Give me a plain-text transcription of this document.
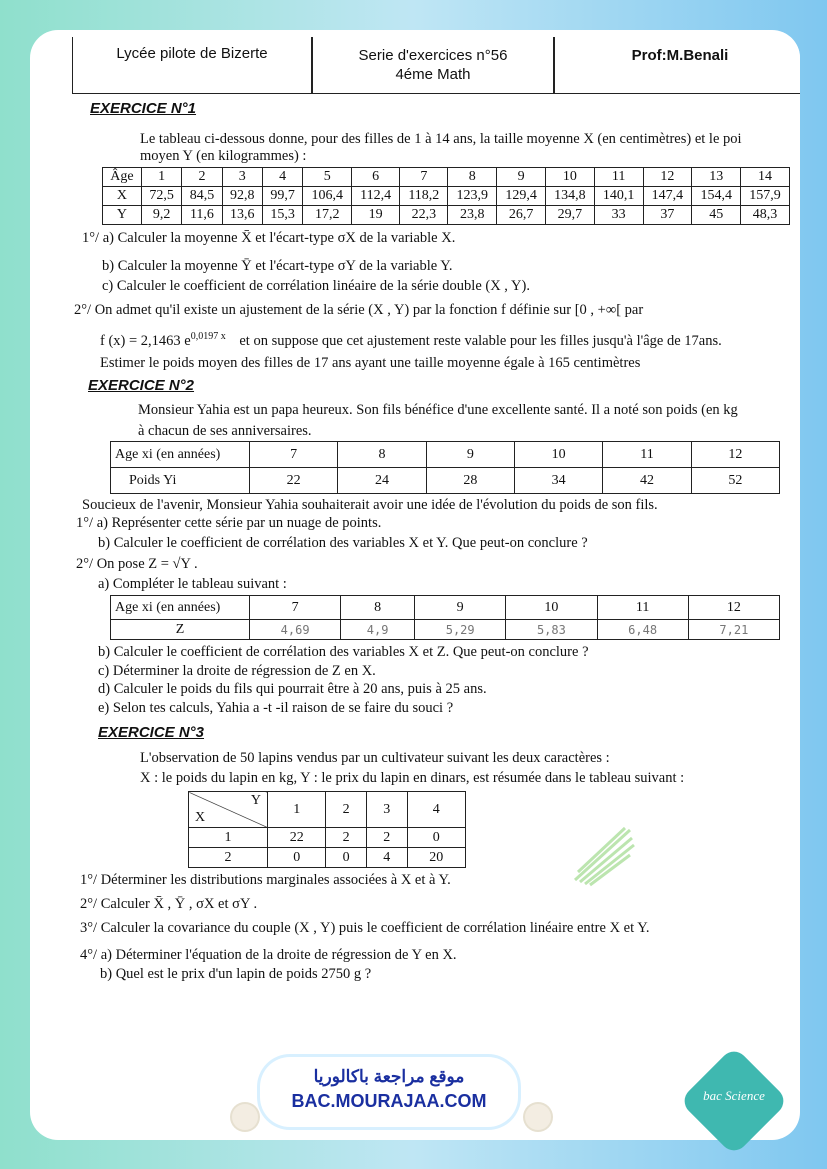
Lycée pilote de Bizerte	Serie d'exercices n°56
4éme Math
Prof:M.Benali
EXERCICE N°1
Le tableau ci-dessous donne, pour des filles de 1 à 14 ans, la taille moyenne X (en centimètres) et le poi
moyen Y (en kilogrammes) :
Âge	1	2	3	4	5	6	7	8	9	10	11	12	13	14
X	72,5	84,5	92,8	99,7	106,4	112,4	118,2	123,9	129,4	134,8	140,1	147,4	154,4	157,9
Y	9,2	11,6	13,6	15,3	17,2	19	22,3	23,8	26,7	29,7	33	37	45	48,3
1°/ a) Calculer la moyenne X̄ et l'écart-type σX de la variable X.
b) Calculer la moyenne Ȳ et l'écart-type σY de la variable Y.
c) Calculer le coefficient de corrélation linéaire de la série double (X , Y).
2°/ On admet qu'il existe un ajustement de la série (X , Y) par la fonction f définie sur [0 , +∞[ par
f (x) = 2,1463 $e^{0,0197 x}$ et on suppose que cet ajustement reste valable pour les filles jusqu'à l'âge de 17ans.
Estimer le poids moyen des filles de 17 ans ayant une taille moyenne égale à 165 centimètres
EXERCICE N°2
Monsieur Yahia est un papa heureux. Son fils bénéfice d'une excellente santé. Il a noté son poids (en kg
à chacun de ses anniversaires.
Age xi (en années)	7	8	9	10	11	12
Poids Yi	22	24	28	34	42	52
Soucieux de l'avenir, Monsieur Yahia souhaiterait avoir une idée de l'évolution du poids de son fils.
1°/ a) Représenter cette série par un nuage de points.
b) Calculer le coefficient de corrélation des variables X et Y. Que peut-on conclure ?
2°/ On pose Z = √Y .
a) Compléter le tableau suivant :
Age xi (en années)	7	8	9	10	11	12
Z	4,69	4,9	5,29	5,83	6,48	7,21
b) Calculer le coefficient de corrélation des variables X et Z. Que peut-on conclure ?
c) Déterminer la droite de régression de Z en X.
d) Calculer le poids du fils qui pourrait être à 20 ans, puis à 25 ans.
e) Selon tes calculs, Yahia a -t -il raison de se faire du souci ?
EXERCICE N°3
L'observation de 50 lapins vendus par un cultivateur suivant les deux caractères :
X : le poids du lapin en kg, Y : le prix du lapin en dinars, est résumée dans le tableau suivant :
Y
X	1	2	3	4
1	22	2	2	0
2	0	0	4	20
1°/ Déterminer les distributions marginales associées à X et à Y.
2°/ Calculer X̄ , Ȳ , σX et σY .
3°/ Calculer la covariance du couple (X , Y) puis le coefficient de corrélation linéaire entre X et Y.
4°/ a) Déterminer l'équation de la droite de régression de Y en X.
b) Quel est le prix d'un lapin de poids 2750 g ?
موقع مراجعة باكالوريا
BAC.MOURAJAA.COM	bac Science
